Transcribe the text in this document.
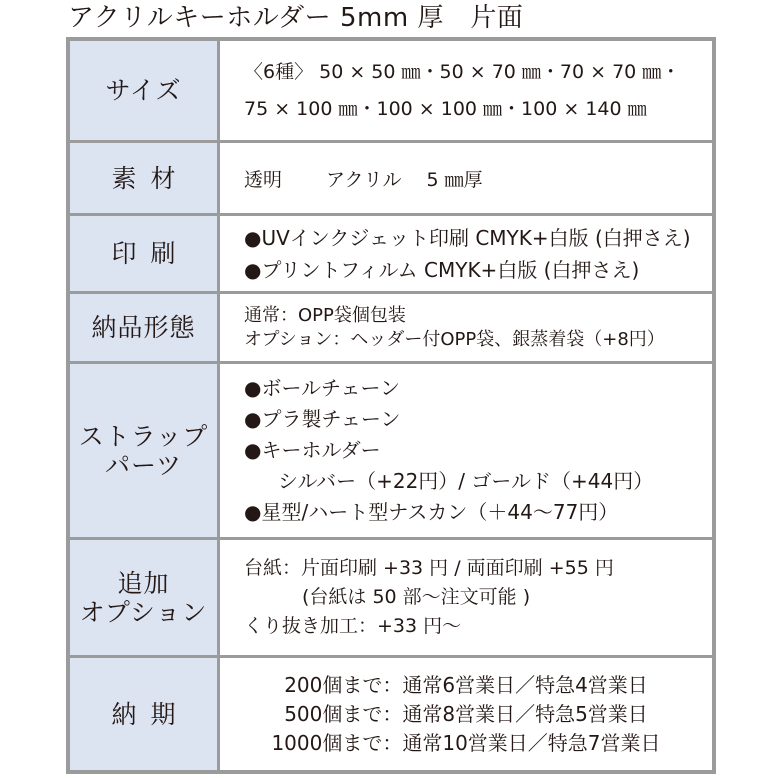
アクリルキーホルダー 5mm 厚　片面
サイズ
〈6種〉 50 × 50 ㎜・50 × 70 ㎜・70 × 70 ㎜・
75 × 100 ㎜・100 × 100 ㎜・100 × 140 ㎜
素材	透明　　 アクリル　 5 ㎜厚
印刷
●UVインクジェット印刷 CMYK+白版 (白押さえ)
●プリントフィルム CMYK+白版 (白押さえ)
納品形態	通常：OPP袋個包装
オプション：ヘッダー付OPP袋、銀蒸着袋（+8円）
ストラップ
パーツ
●ボールチェーン
●プラ製チェーン
●キーホルダー
シルバー（+22円）/ ゴールド（+44円）
●星型/ハート型ナスカン（＋44～77円）
追加
オプション
台紙：片面印刷 +33 円 / 両面印刷 +55 円
(台紙は 50 部～注文可能 )
くり抜き加工：+33 円～
納期
200個まで：通常6営業日／特急4営業日
500個まで：通常8営業日／特急5営業日
1000個まで：通常10営業日／特急7営業日
